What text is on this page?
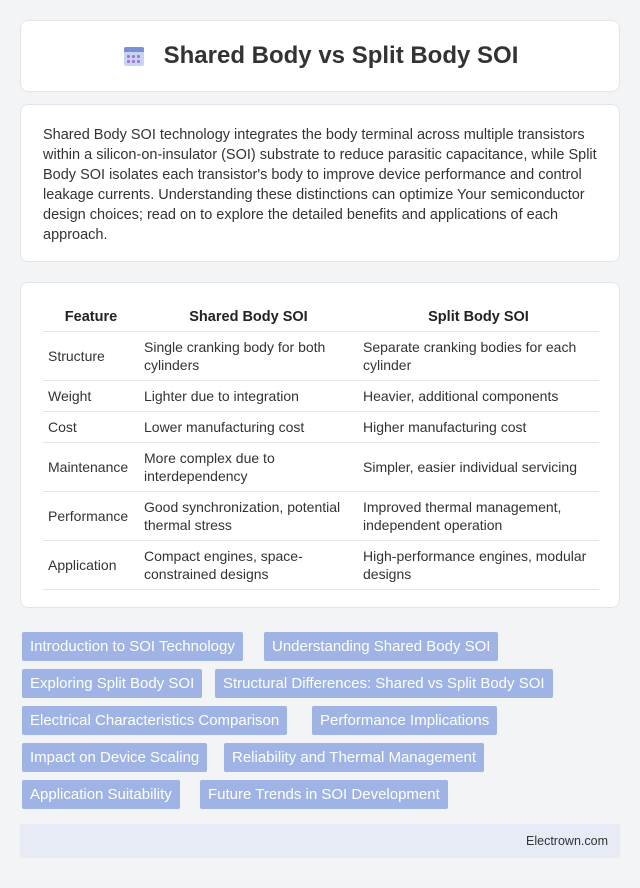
Shared Body vs Split Body SOI

Shared Body SOI technology integrates the body terminal across multiple transistors within a silicon-on-insulator (SOI) substrate to reduce parasitic capacitance, while Split Body SOI isolates each transistor's body to improve device performance and control leakage currents. Understanding these distinctions can optimize Your semiconductor design choices; read on to explore the detailed benefits and applications of each approach.

Feature	Shared Body SOI	Split Body SOI
Structure	Single cranking body for both cylinders	Separate cranking bodies for each cylinder
Weight	Lighter due to integration	Heavier, additional components
Cost	Lower manufacturing cost	Higher manufacturing cost
Maintenance	More complex due to interdependency	Simpler, easier individual servicing
Performance	Good synchronization, potential thermal stress	Improved thermal management, independent operation
Application	Compact engines, space-constrained designs	High-performance engines, modular designs
Introduction to SOI Technology	Understanding Shared Body SOI
Exploring Split Body SOI	Structural Differences: Shared vs Split Body SOI
Electrical Characteristics Comparison	Performance Implications
Impact on Device Scaling	Reliability and Thermal Management
Application Suitability	Future Trends in SOI Development
Electrown.com
